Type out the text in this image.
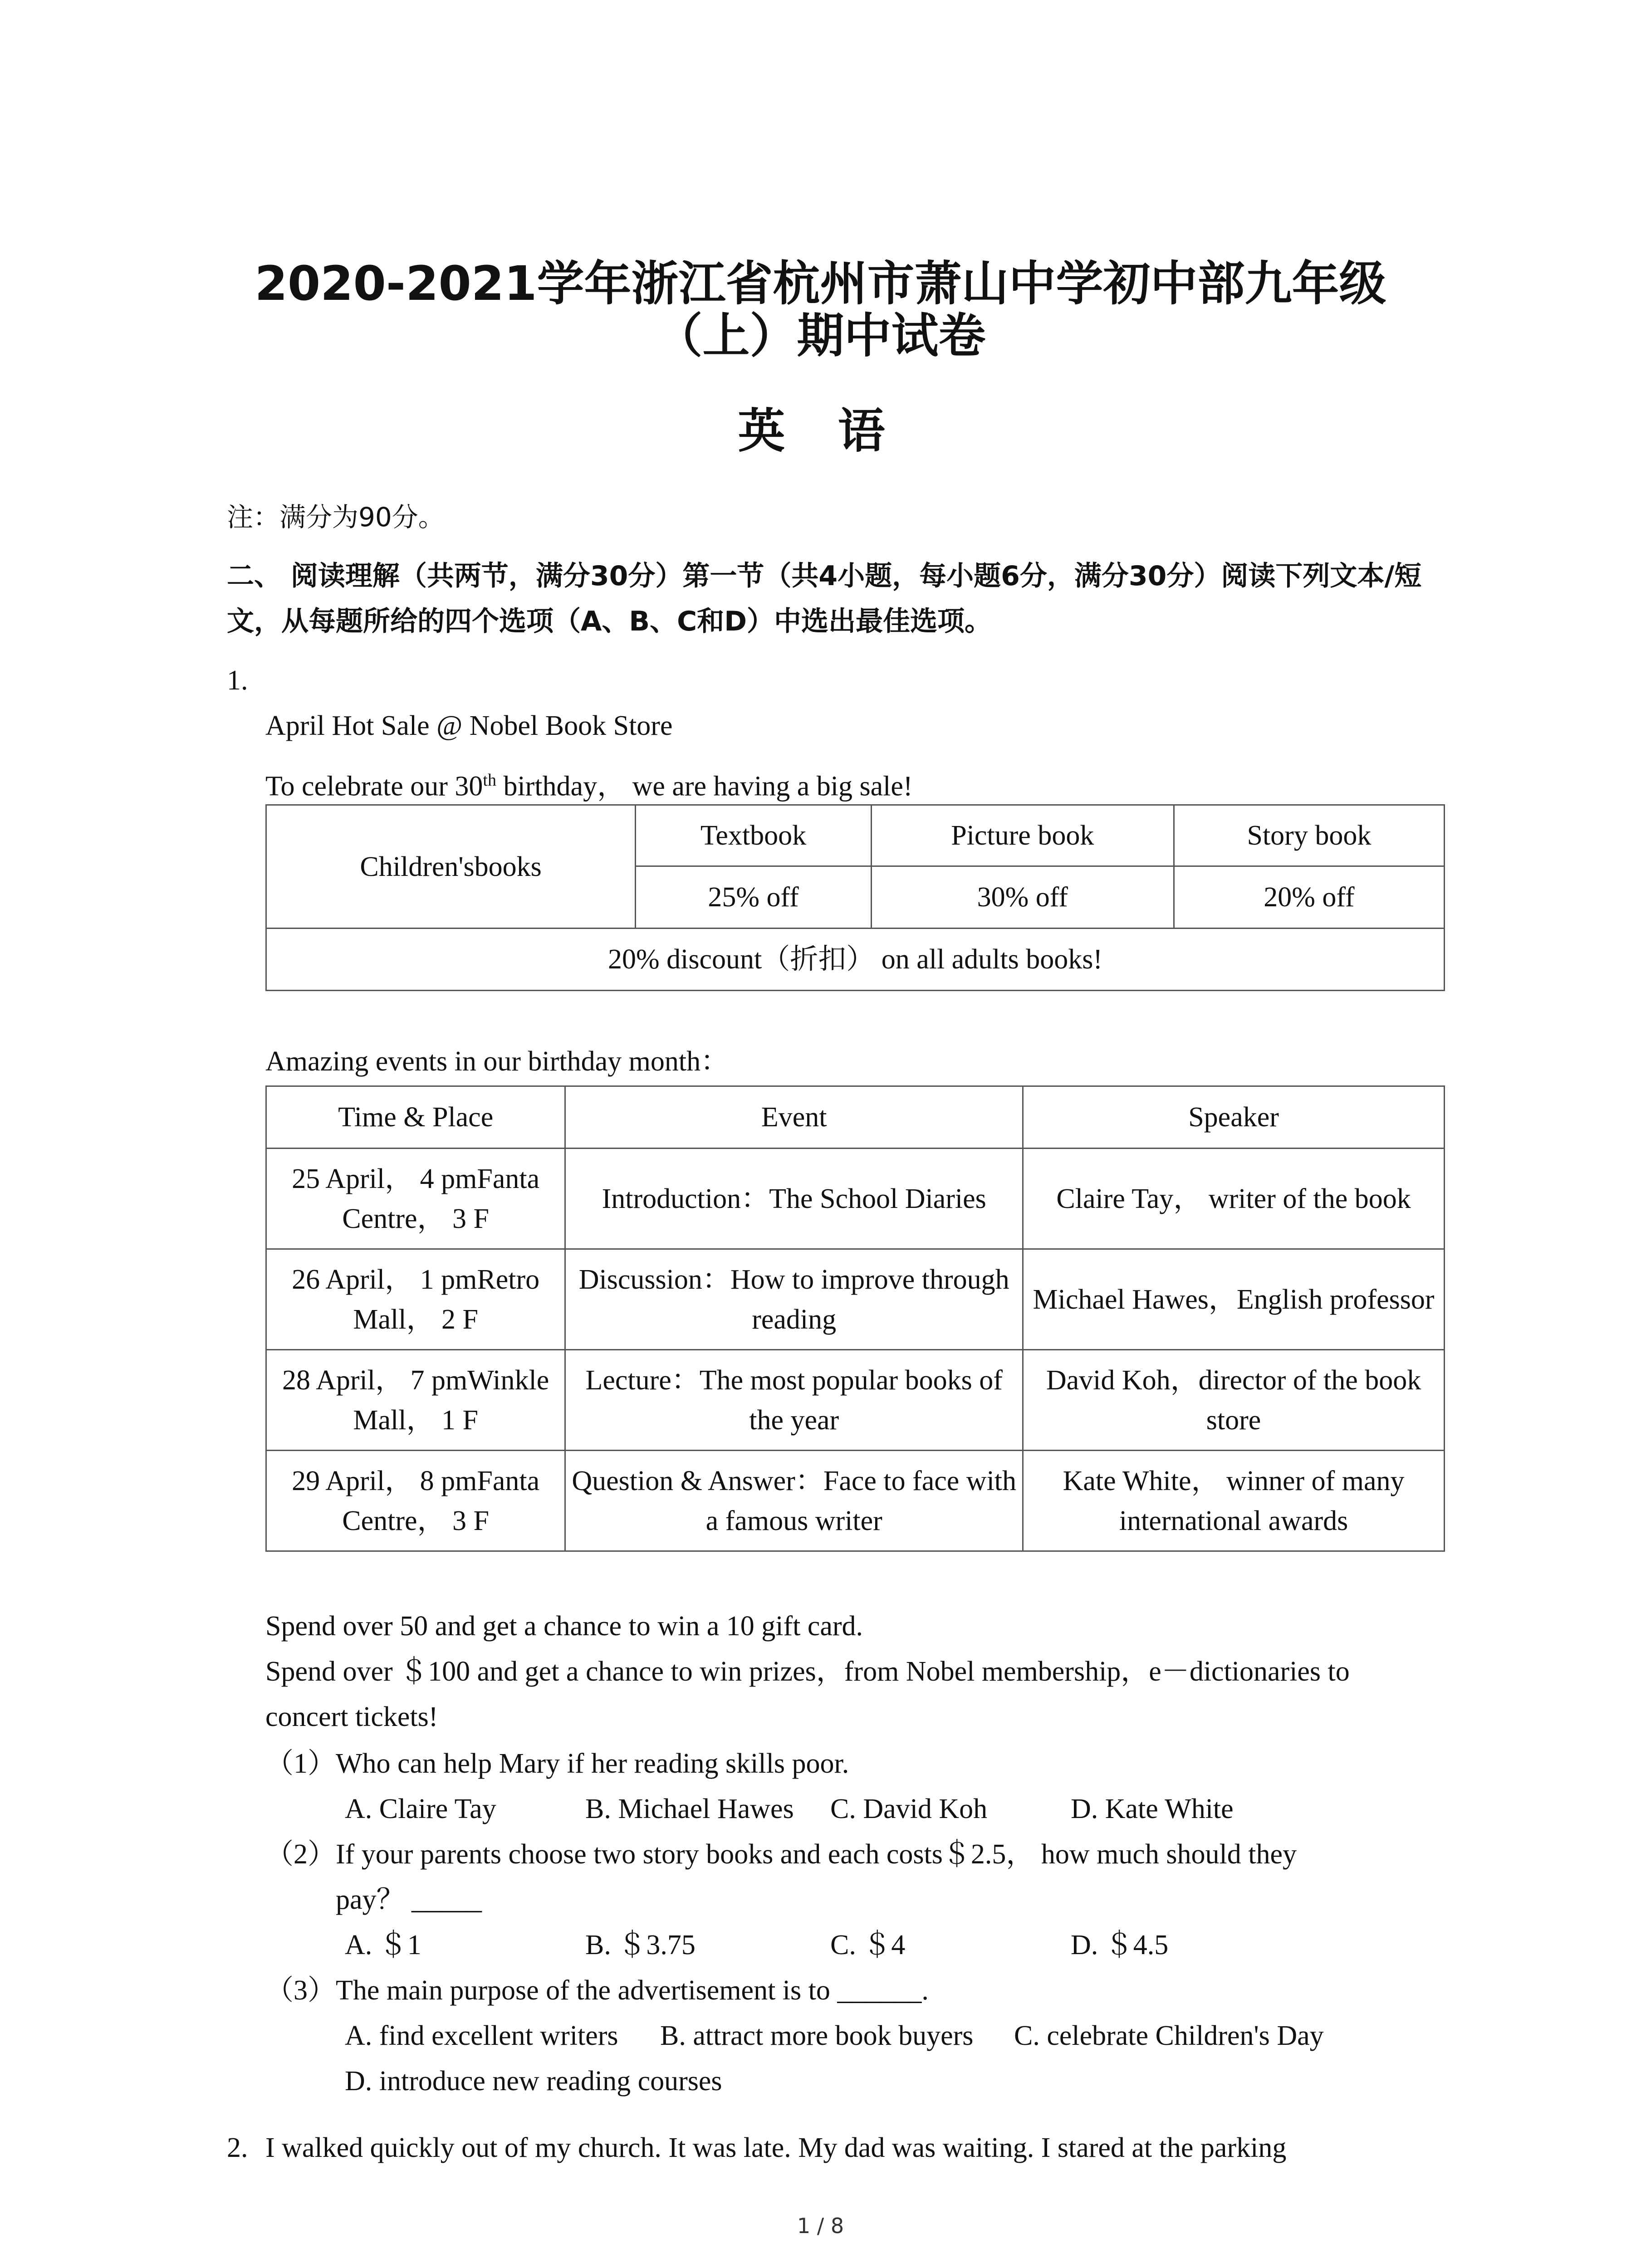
2020-2021学年浙江省杭州市萧山中学初中部九年级
（上）期中试卷
英 语
注：满分为90分。
二、 阅读理解（共两节，满分30分）第一节（共4小题，每小题6分，满分30分）阅读下列文本/短文，从每题所给的四个选项（A、B、C和D）中选出最佳选项。
1.
April Hot Sale @ Nobel Book Store
To celebrate our 30th birthday， we are having a big sale!
Children'sbooks	Textbook	Picture book	Story book
	25% off	30% off	20% off
20% discount（折扣） on all adults books!			
Amazing events in our birthday month：
Time & Place	Event	Speaker
25 April， 4 pmFanta Centre， 3 F	Introduction：The School Diaries	Claire Tay， writer of the book
26 April， 1 pmRetro Mall， 2 F	Discussion：How to improve through reading	Michael Hawes，English professor
28 April， 7 pmWinkle Mall， 1 F	Lecture：The most popular books of the year	David Koh，director of the book store
29 April， 8 pmFanta Centre， 3 F	Question & Answer：Face to face with a famous writer	Kate White， winner of many international awards
Spend over 50 and get a chance to win a 10 gift card.
Spend over ＄100 and get a chance to win prizes，from Nobel membership，e－dictionaries to
concert tickets!
（1） Who can help Mary if her reading skills poor.
A. Claire Tay	B. Michael Hawes C. David Koh	D. Kate White
（2） If your parents choose two story books and each costs＄2.5， how much should they
pay？ _____
A. ＄1	B. ＄3.75	C. ＄4	D. ＄4.5
（3） The main purpose of the advertisement is to ______.
A. find excellent writers B. attract more book buyers C. celebrate Children's Day
D. introduce new reading courses
2. I walked quickly out of my church. It was late. My dad was waiting. I stared at the parking
1 / 8
